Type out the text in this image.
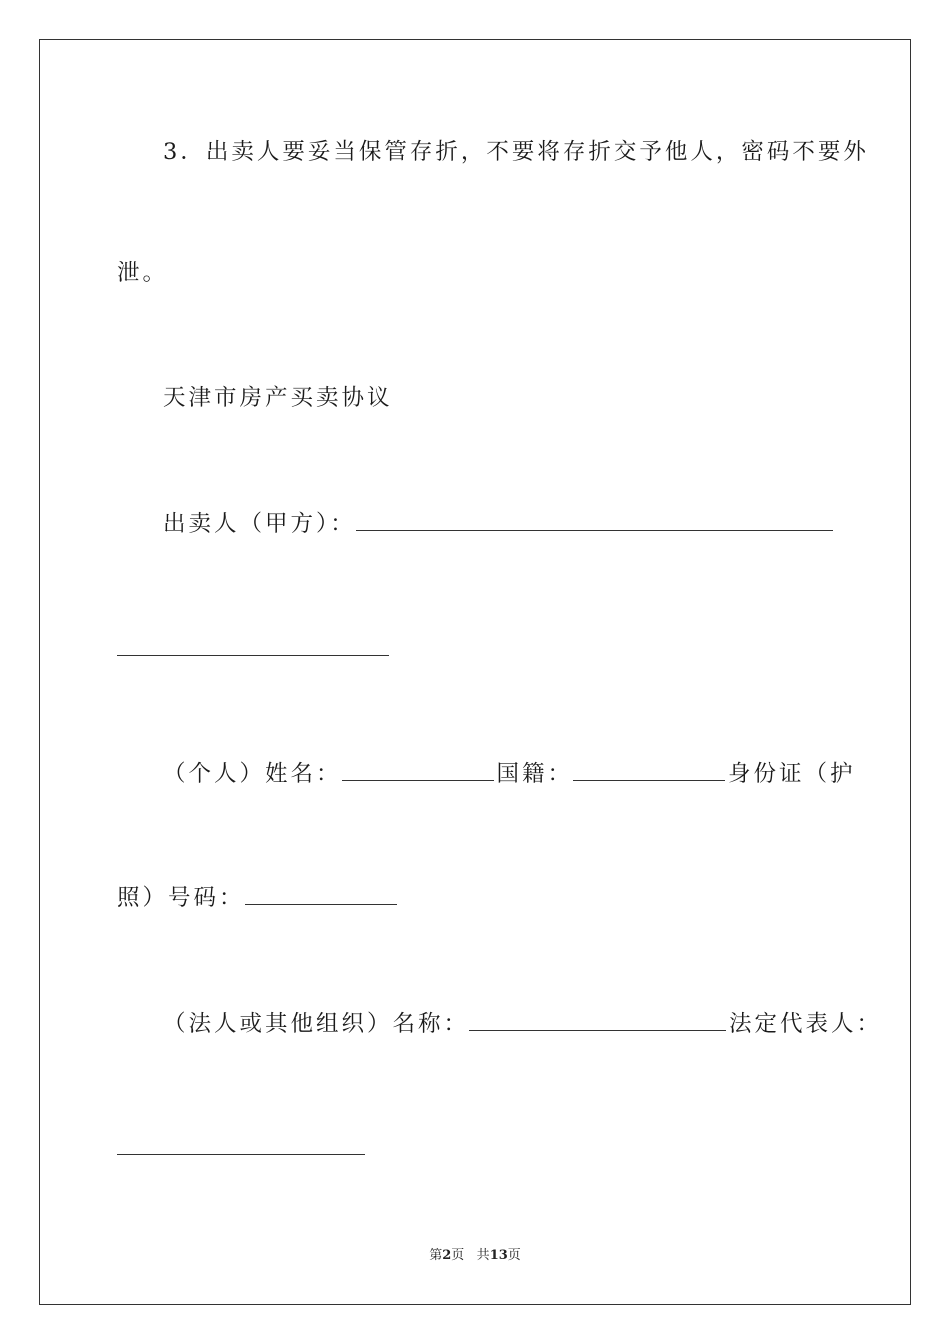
3．出卖人要妥当保管存折，不要将存折交予他人，密码不要外
泄。
天津市房产买卖协议
出卖人（甲方）：
（个人）姓名：	国籍：	身份证（护
照）号码：
（法人或其他组织）名称：	法定代表人：
第2页 共13页
